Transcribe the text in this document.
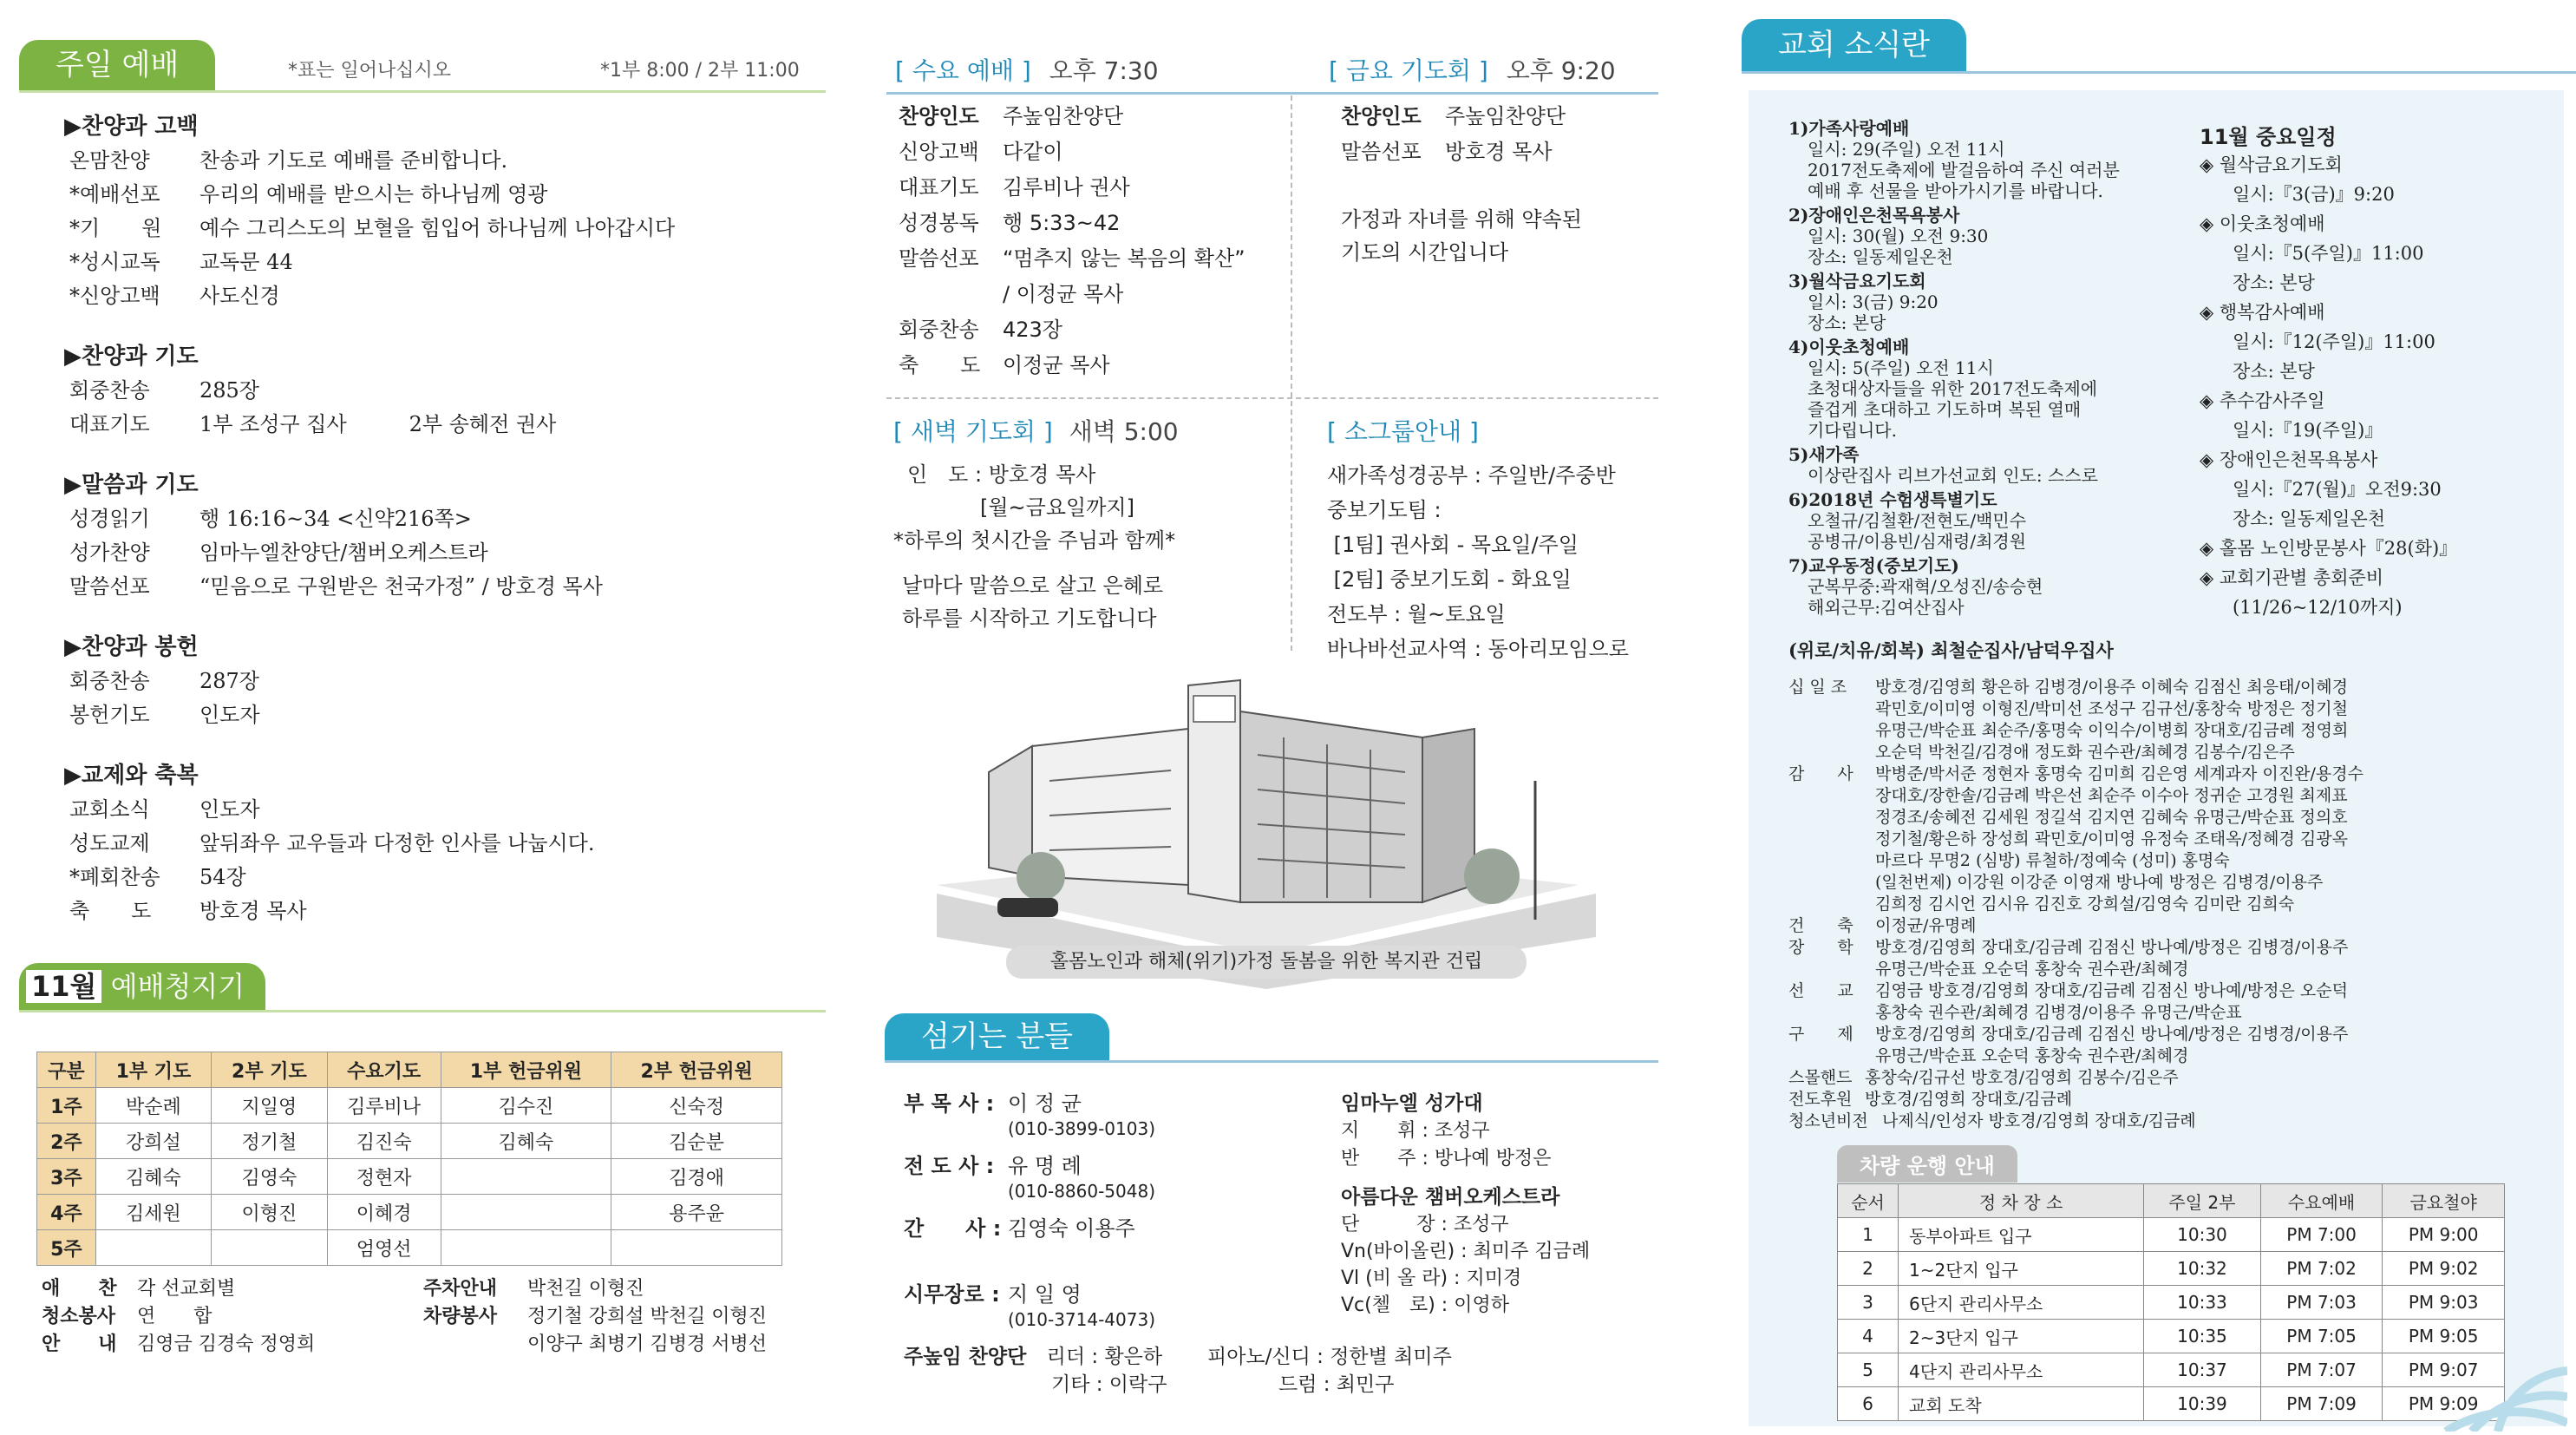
주일 예배	*표는 일어나십시오	*1부 8:00 / 2부 11:00
▶찬양과 고백
온맘찬양 찬송과 기도로 예배를 준비합니다.
*예배선포 우리의 예배를 받으시는 하나님께 영광
*기　　원 예수 그리스도의 보혈을 힘입어 하나님께 나아갑시다
*성시교독 교독문 44
*신앙고백 사도신경
▶찬양과 기도
회중찬송 285장
대표기도 1부 조성구 집사　　　2부 송혜전 권사
▶말씀과 기도
성경읽기 행 16:16~34 <신약216쪽>
성가찬양 임마누엘찬양단/챔버오케스트라
말씀선포 “믿음으로 구원받은 천국가정” / 방호경 목사
▶찬양과 봉헌
회중찬송 287장
봉헌기도 인도자
▶교제와 축복
교회소식 인도자
성도교제 앞뒤좌우 교우들과 다정한 인사를 나눕시다.
*폐회찬송 54장
축　　도 방호경 목사
11월 예배청지기
구분	1부 기도	2부 기도	수요기도	1부 헌금위원	2부 헌금위원
1주	박순례	지일영	김루비나	김수진	신숙정
2주	강희설	정기철	김진숙	김혜숙	김순분
3주	김혜숙	김영숙	정현자		김경애
4주	김세원	이형진	이혜경		용주윤
5주			엄영선		
애　　찬 각 선교회별
청소봉사 연　　합
안　　내 김영금 김경숙 정영희
주차안내 박천길 이형진
차량봉사 정기철 강희설 박천길 이형진
이양구 최병기 김병경 서병선
[ 수요 예배 ] 오후 7:30	[ 금요 기도회 ] 오후 9:20
찬양인도 주높임찬양단
신앙고백 다같이
대표기도 김루비나 권사
성경봉독 행 5:33~42
말씀선포 “멈추지 않는 복음의 확산”
/ 이정균 목사
회중찬송 423장
축　　도 이정균 목사
찬양인도 주높임찬양단
말씀선포 방호경 목사
가정과 자녀를 위해 약속된
기도의 시간입니다
[ 새벽 기도회 ] 새벽 5:00
인　도 : 방호경 목사
[월~금요일까지]
*하루의 첫시간을 주님과 함께*
날마다 말씀으로 살고 은혜로
하루를 시작하고 기도합니다
[ 소그룹안내 ]
새가족성경공부 : 주일반/주중반
중보기도팀 :
[1팀] 권사회 - 목요일/주일
[2팀] 중보기도회 - 화요일
전도부 : 월~토요일
바나바선교사역 : 동아리모임으로
홀몸노인과 해체(위기)가정 돌봄을 위한 복지관 건립
섬기는 분들
부 목 사 : 이 정 균
(010-3899-0103)
전 도 사 : 유 명 례
(010-8860-5048)
간　　사 : 김영숙 이용주
시무장로 : 지 일 영
(010-3714-4073)
임마누엘 성가대
지　　휘 : 조성구
반　　주 : 방나예 방정은
아름다운 챔버오케스트라
단　　　장 : 조성구
Vn(바이올린) : 최미주 김금례
Vl (비 올 라) : 지미경
Vc(첼　로) : 이영하
주높임 찬양단 리더 : 황은하 피아노/신디 : 정한별 최미주
기타 : 이락구	드럼 : 최민구
교회 소식란
1)가족사랑예배
일시: 29(주일) 오전 11시
2017전도축제에 발걸음하여 주신 여러분
예배 후 선물을 받아가시기를 바랍니다.
2)장애인은천목욕봉사
일시: 30(월) 오전 9:30
장소: 일동제일온천
3)월삭금요기도회
일시: 3(금) 9:20
장소: 본당
4)이웃초청예배
일시: 5(주일) 오전 11시
초청대상자들을 위한 2017전도축제에
즐겁게 초대하고 기도하며 복된 열매
기다립니다.
5)새가족
이상란집사 리브가선교회 인도: 스스로
6)2018년 수험생특별기도
오철규/김철환/전현도/백민수
공병규/이용빈/심재령/최경원
7)교우동정(중보기도)
군복무중:곽재혁/오성진/송승현
해외근무:김여산집사
(위로/치유/회복) 최철순집사/남덕우집사
11월 중요일정
◈ 월삭금요기도회
일시:『3(금)』9:20
◈ 이웃초청예배
일시:『5(주일)』11:00
장소: 본당
◈ 행복감사예배
일시:『12(주일)』11:00
장소: 본당
◈ 추수감사주일
일시:『19(주일)』
◈ 장애인은천목욕봉사
일시:『27(월)』오전9:30
장소: 일동제일온천
◈ 홀몸 노인방문봉사『28(화)』
◈ 교회기관별 총회준비
(11/26~12/10까지)
십 일 조 방호경/김영희 황은하 김병경/이용주 이혜숙 김점신 최응태/이혜경
곽민호/이미영 이형진/박미선 조성구 김규선/홍창숙 방정은 정기철
유명근/박순표 최순주/홍명숙 이익수/이병희 장대호/김금례 정영희
오순덕 박천길/김경애 정도화 권수관/최혜경 김봉수/김은주
감　　사 박병준/박서준 정현자 홍명숙 김미희 김은영 세계과자 이진완/용경수
장대호/장한솔/김금례 박은선 최순주 이수아 정귀순 고경원 최제표
정경조/송혜전 김세원 정길석 김지연 김혜숙 유명근/박순표 정의호
정기철/황은하 장성희 곽민호/이미영 유정숙 조태옥/정혜경 김광옥
마르다 무명2 (심방) 류철하/정예숙 (성미) 홍명숙
(일천번제) 이강원 이강준 이영재 방나예 방정은 김병경/이용주
김희정 김시언 김시유 김진호 강희설/김영숙 김미란 김희숙
건　　축 이정균/유명례
장　　학 방호경/김영희 장대호/김금례 김점신 방나예/방정은 김병경/이용주
유명근/박순표 오순덕 홍창숙 권수관/최혜경
선　　교 김영금 방호경/김영희 장대호/김금례 김점신 방나예/방정은 오순덕
홍창숙 권수관/최혜경 김병경/이용주 유명근/박순표
구　　제 방호경/김영희 장대호/김금례 김점신 방나예/방정은 김병경/이용주
유명근/박순표 오순덕 홍창숙 권수관/최혜경
스몰핸드 홍창숙/김규선 방호경/김영희 김봉수/김은주
전도후원 방호경/김영희 장대호/김금례
청소년비전 나제식/인성자 방호경/김영희 장대호/김금례
차량 운행 안내
순서	정 차 장 소	주일 2부	수요예배	금요철야
1	동부아파트 입구	10:30	PM 7:00	PM 9:00
2	1~2단지 입구	10:32	PM 7:02	PM 9:02
3	6단지 관리사무소	10:33	PM 7:03	PM 9:03
4	2~3단지 입구	10:35	PM 7:05	PM 9:05
5	4단지 관리사무소	10:37	PM 7:07	PM 9:07
6	교회 도착	10:39	PM 7:09	PM 9:09
